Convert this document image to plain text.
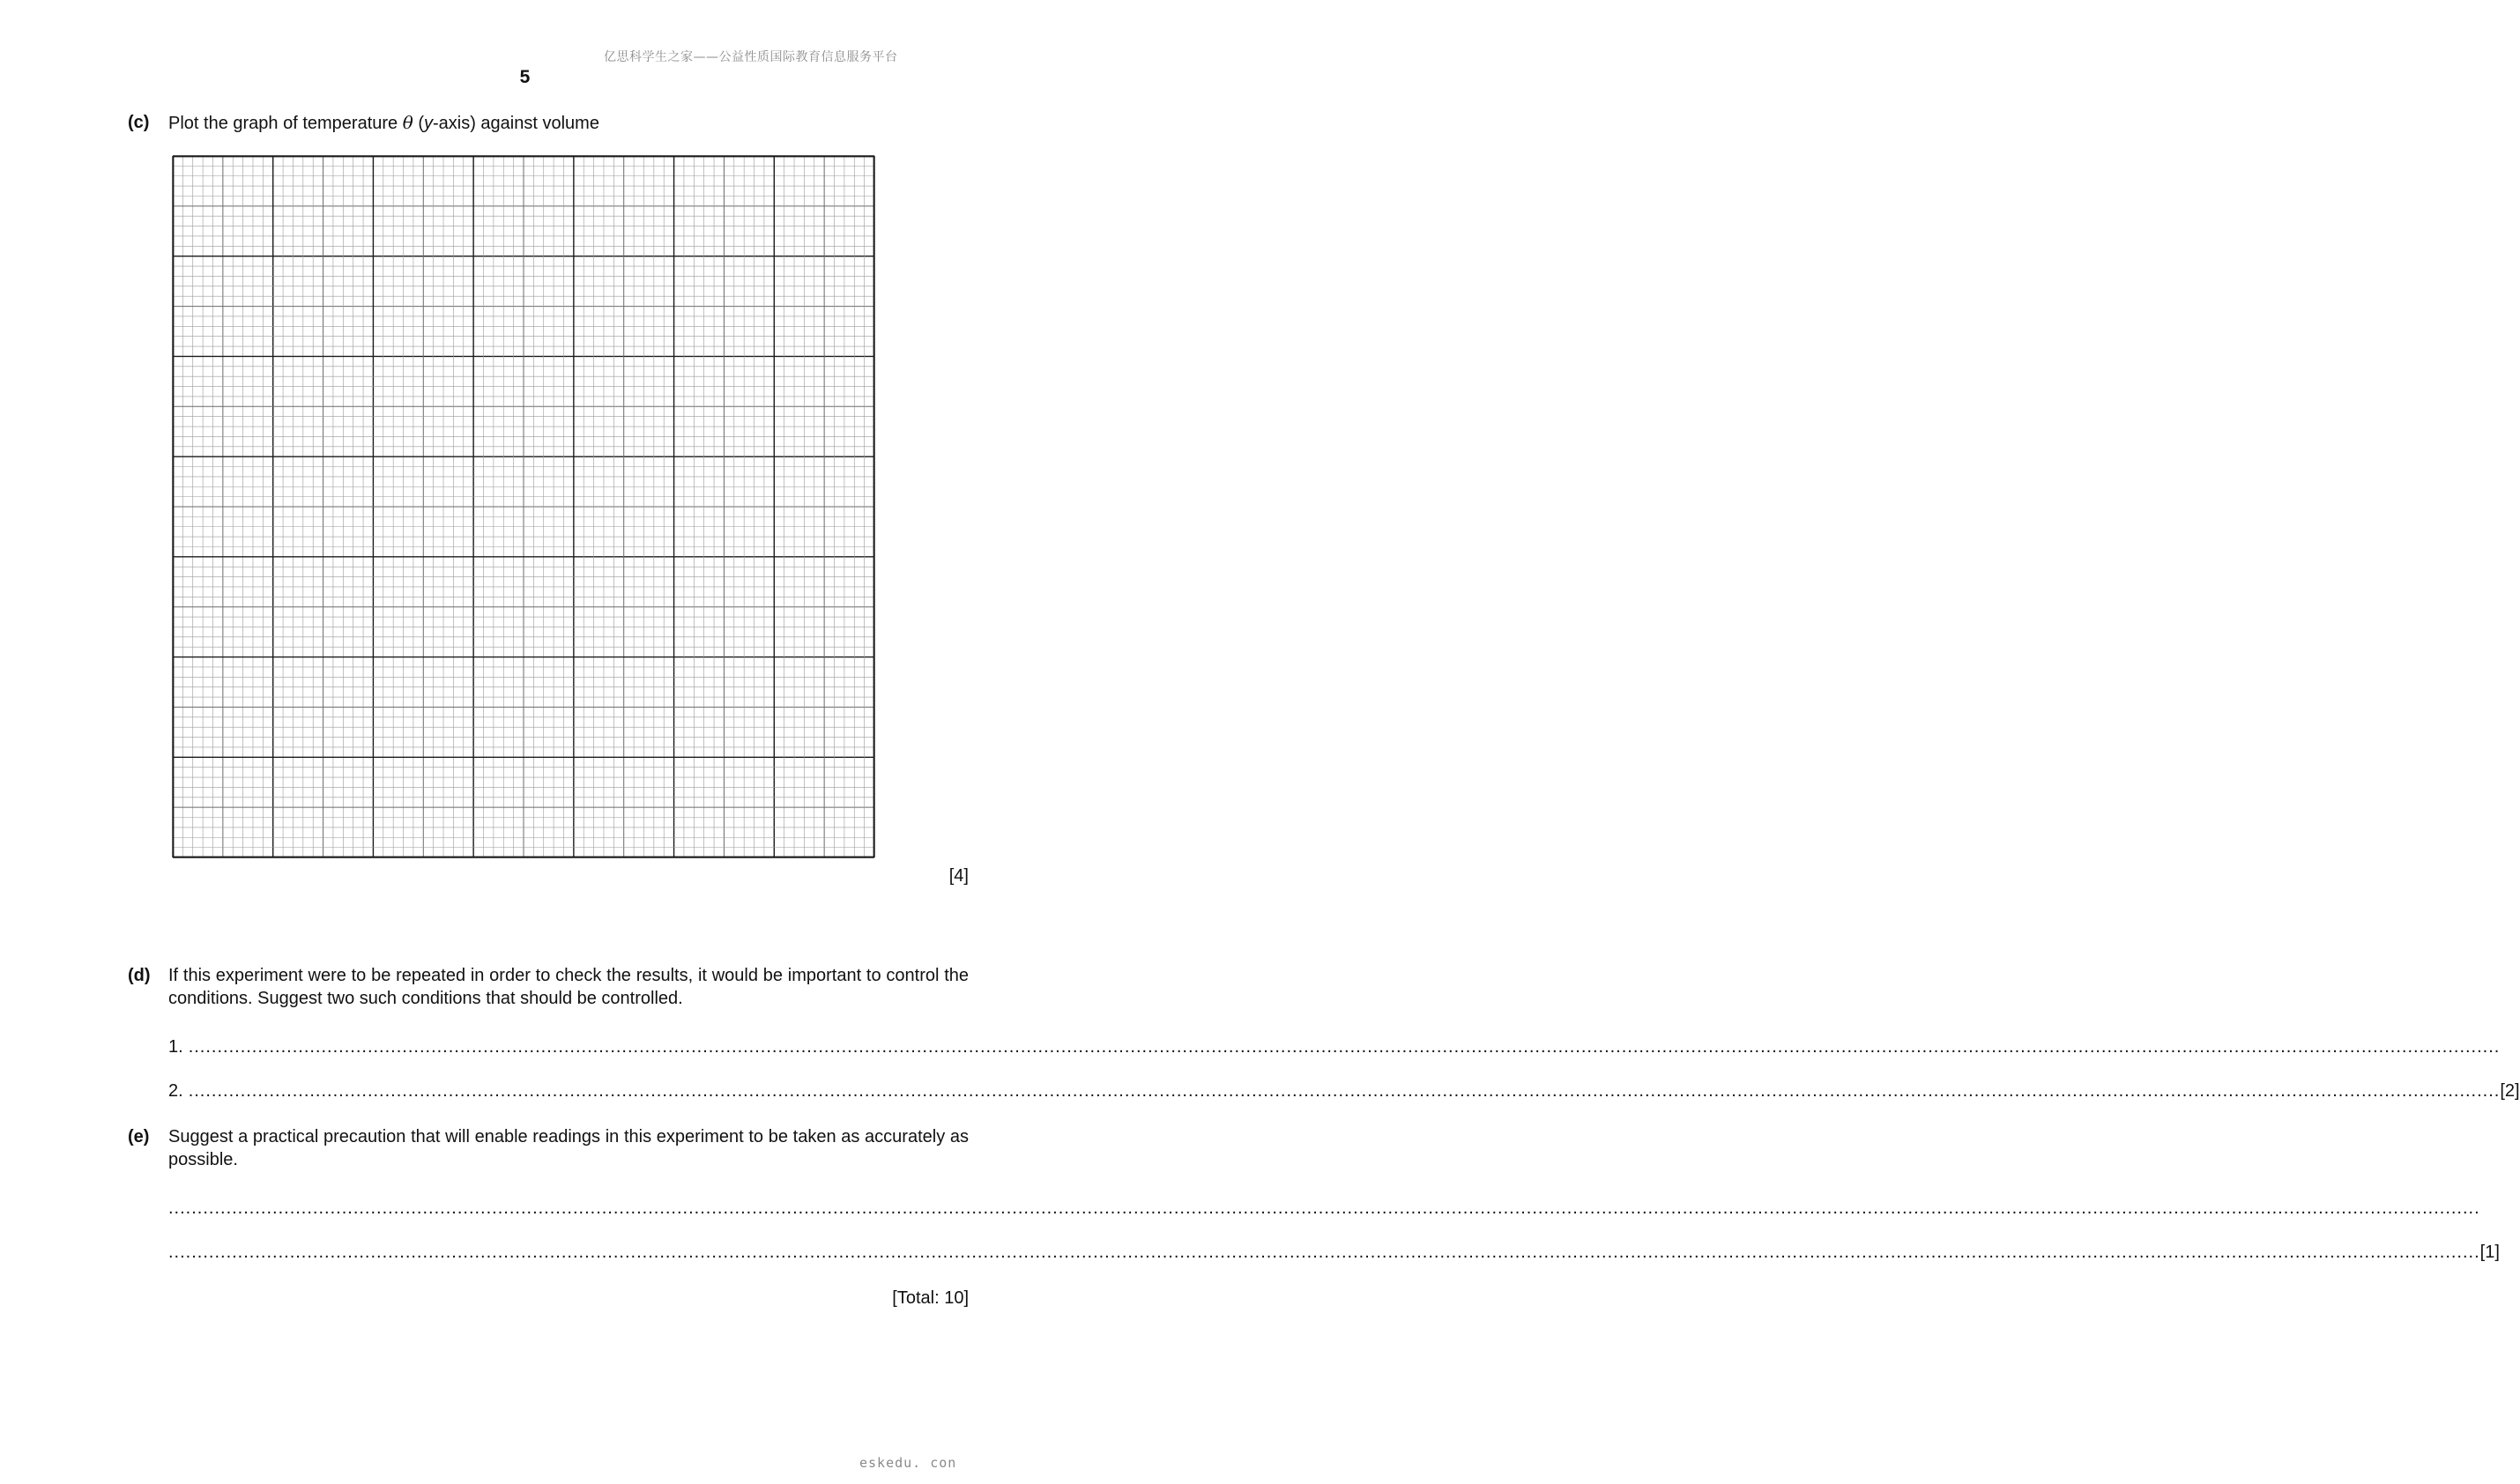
亿思科学生之家——公益性质国际教育信息服务平台
5
(c) Plot the graph of temperature θ (y-axis) against volume
[4]
(d) If this experiment were to be repeated in order to check the results, it would be important to control the conditions. Suggest two such conditions that should be controlled.
1. ................................................................................................................................................................................................................................................................................................................................................................................................................
2. ................................................................................................................................................................................................................................................................................................................................................................................................................ [2]
(e) Suggest a practical precaution that will enable readings in this experiment to be taken as accurately as possible.
................................................................................................................................................................................................................................................................................................................................................................................................................
................................................................................................................................................................................................................................................................................................................................................................................................................ [1]
[Total: 10]
eskedu. con
